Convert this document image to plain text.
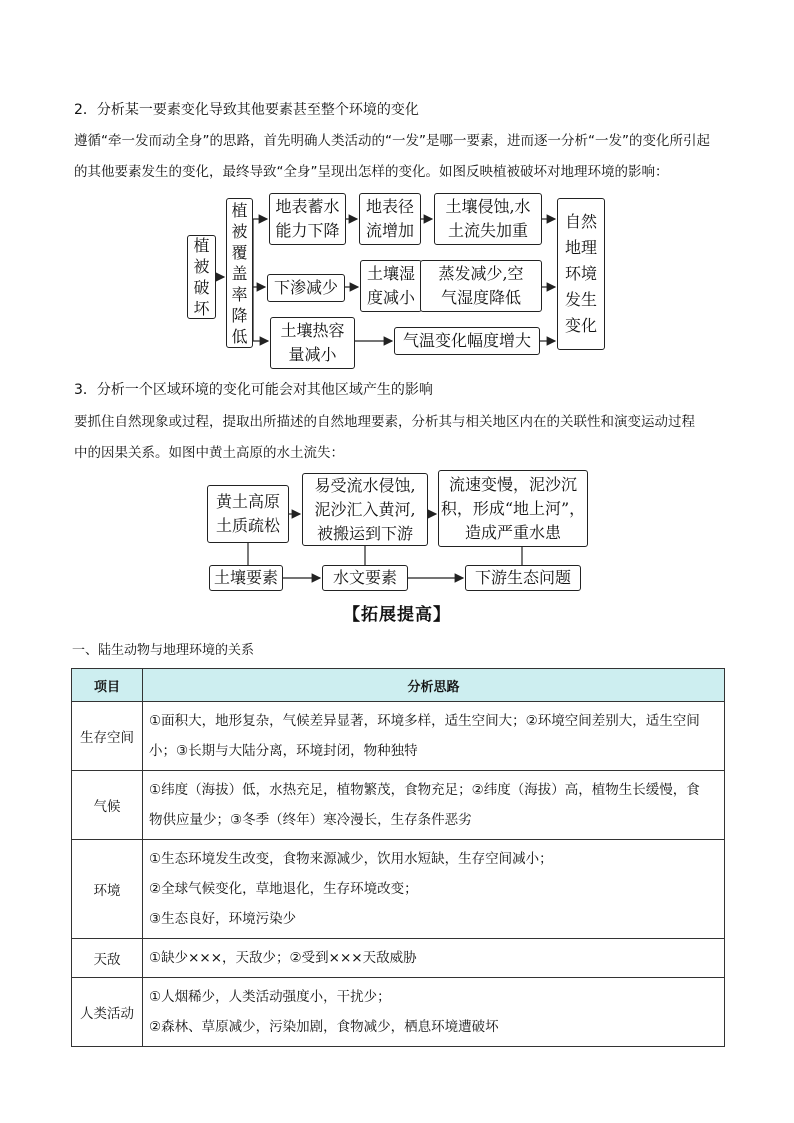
2．分析某一要素变化导致其他要素甚至整个环境的变化
遵循“牵一发而动全身”的思路，首先明确人类活动的“一发”是哪一要素，进而逐一分析“一发”的变化所引起
的其他要素发生的变化，最终导致“全身”呈现出怎样的变化。如图反映植被破坏对地理环境的影响：
植
被
破
坏
植
被
覆
盖
率
降
低
地表蓄水
能力下降
地表径
流增加
土壤侵蚀,水
土流失加重
下渗减少
土壤湿
度减小
蒸发减少,空
气湿度降低
土壤热容
量减小
气温变化幅度增大
自然
地理
环境
发生
变化
3．分析一个区域环境的变化可能会对其他区域产生的影响
要抓住自然现象或过程，提取出所描述的自然地理要素，分析其与相关地区内在的关联性和演变运动过程
中的因果关系。如图中黄土高原的水土流失：
黄土高原
土质疏松
易受流水侵蚀,
泥沙汇入黄河,
被搬运到下游
流速变慢，泥沙沉
积，形成“地上河”，
造成严重水患
土壤要素	水文要素	下游生态问题
【拓展提高】
一、陆生动物与地理环境的关系
项目	分析思路
生存空间	①面积大，地形复杂，气候差异显著，环境多样，适生空间大；②环境空间差别大，适生空间
小；③长期与大陆分离，环境封闭，物种独特

气候	①纬度（海拔）低，水热充足，植物繁茂，食物充足；②纬度（海拔）高，植物生长缓慢，食
物供应量少；③冬季（终年）寒冷漫长，生存条件恶劣

环境	①生态环境发生改变，食物来源减少，饮用水短缺，生存空间减小；
②全球气候变化，草地退化，生存环境改变；
③生态良好，环境污染少

天敌	①缺少×××，天敌少；②受到×××天敌威胁

人类活动	①人烟稀少，人类活动强度小，干扰少；
②森林、草原减少，污染加剧，食物减少，栖息环境遭破坏
